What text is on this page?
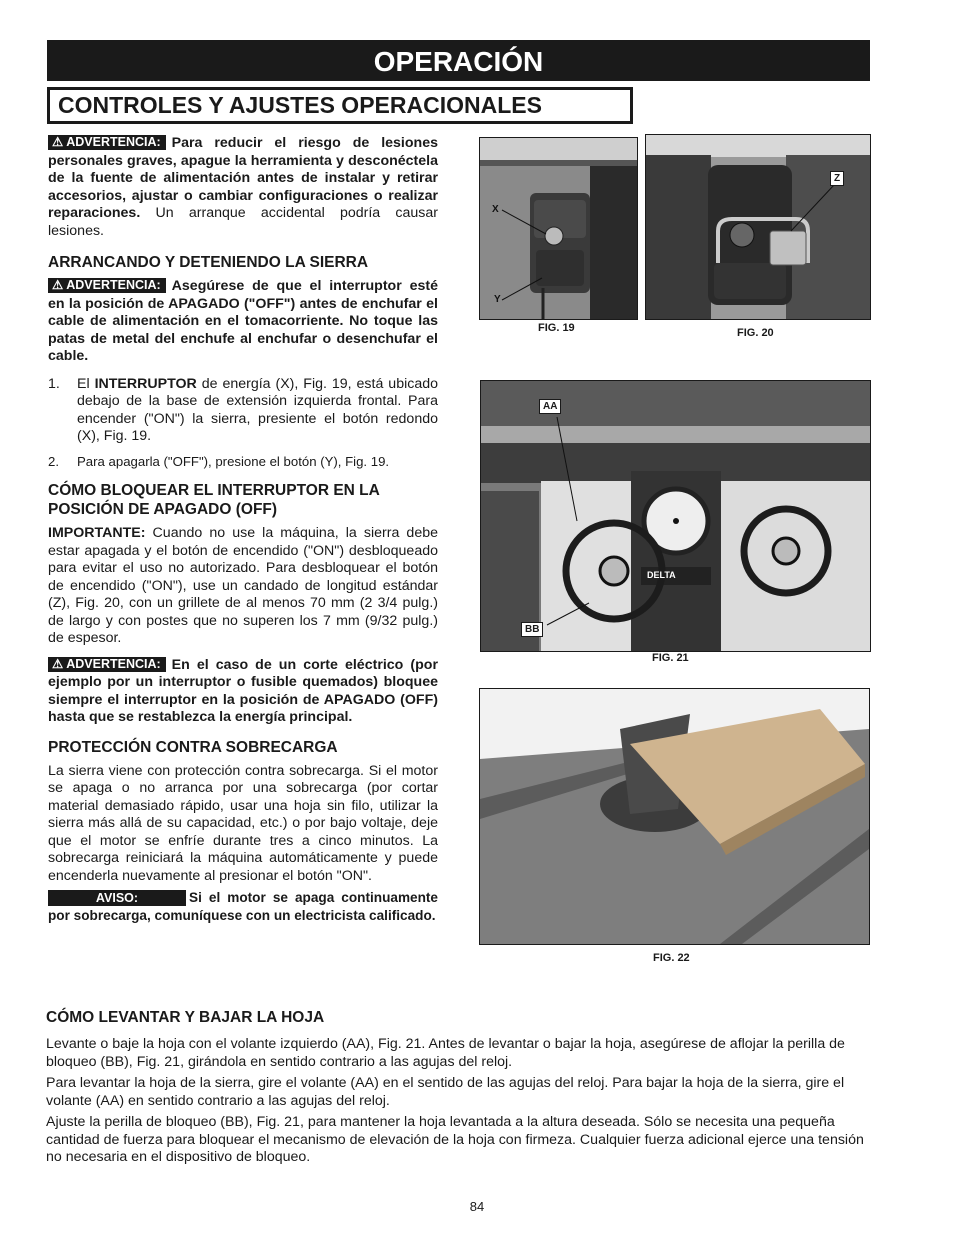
OPERACIÓN
CONTROLES Y AJUSTES OPERACIONALES

⚠ ADVERTENCIA: Para reducir el riesgo de lesiones personales graves, apague la herramienta y desconéctela de la fuente de alimentación antes de instalar y retirar accesorios, ajustar o cambiar configuraciones o realizar reparaciones. Un arranque accidental podría causar lesiones.

ARRANCANDO Y DETENIENDO LA SIERRA

⚠ ADVERTENCIA: Asegúrese de que el interruptor esté en la posición de APAGADO ("OFF") antes de enchufar el cable de alimentación en el tomacorriente. No toque las patas de metal del enchufe al enchufar o desenchufar el cable.

1. El INTERRUPTOR de energía (X), Fig. 19, está ubicado debajo de la base de extensión izquierda frontal. Para encender ("ON") la sierra, presiente el botón redondo (X), Fig. 19.
2. Para apagarla ("OFF"), presione el botón (Y), Fig. 19.
CÓMO BLOQUEAR EL INTERRUPTOR EN LA POSICIÓN DE APAGADO (OFF)

IMPORTANTE: Cuando no use la máquina, la sierra debe estar apagada y el botón de encendido ("ON") desbloqueado para evitar el uso no autorizado. Para desbloquear el botón de encendido ("ON"), use un candado de longitud estándar (Z), Fig. 20, con un grillete de al menos 70 mm (2 3/4 pulg.) de largo y con postes que no superen los 7 mm (9/32 pulg.) de espesor.

⚠ ADVERTENCIA: En el caso de un corte eléctrico (por ejemplo por un interruptor o fusible quemados) bloquee siempre el interruptor en la posición de APAGADO (OFF) hasta que se restablezca la energía principal.

PROTECCIÓN CONTRA SOBRECARGA

La sierra viene con protección contra sobrecarga. Si el motor se apaga o no arranca por una sobrecarga (por cortar material demasiado rápido, usar una hoja sin filo, utilizar la sierra más allá de su capacidad, etc.) o por bajo voltaje, deje que el motor se enfríe durante tres a cinco minutos. La sobrecarga reiniciará la máquina automáticamente y puede encenderla nuevamente al presionar el botón "ON".

AVISO:	Si el motor se apaga continuamente por sobrecarga, comuníquese con un electricista calificado.

X
Y
FIG. 19
Z
FIG. 20
DELTA
AA
BB
FIG. 21
FIG. 22
CÓMO LEVANTAR Y BAJAR LA HOJA

Levante o baje la hoja con el volante izquierdo (AA), Fig. 21. Antes de levantar o bajar la hoja, asegúrese de aflojar la perilla de bloqueo (BB), Fig. 21, girándola en sentido contrario a las agujas del reloj.

Para levantar la hoja de la sierra, gire el volante (AA) en el sentido de las agujas del reloj. Para bajar la hoja de la sierra, gire el volante (AA) en sentido contrario a las agujas del reloj.

Ajuste la perilla de bloqueo (BB), Fig. 21, para mantener la hoja levantada a la altura deseada. Sólo se necesita una pequeña cantidad de fuerza para bloquear el mecanismo de elevación de la hoja con firmeza. Cualquier fuerza adicional ejerce una tensión no necesaria en el dispositivo de bloqueo.

84
